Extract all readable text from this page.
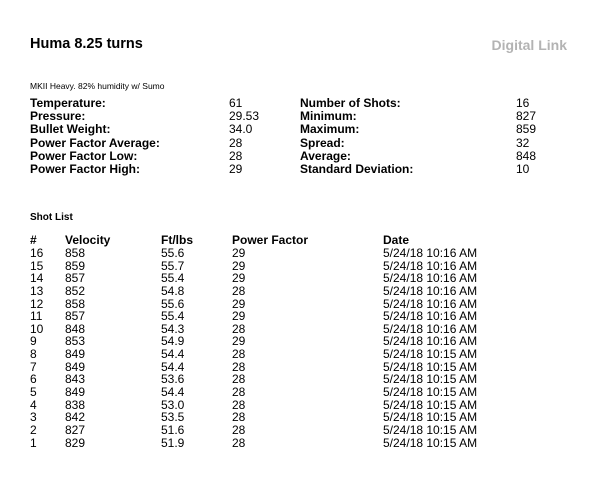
Huma 8.25 turns	Digital Link
MKII Heavy. 82% humidity w/ Sumo
Temperature:	61	Number of Shots:	16
Pressure:	29.53	Minimum:	827
Bullet Weight:	34.0	Maximum:	859
Power Factor Average:	28	Spread:	32
Power Factor Low:	28	Average:	848
Power Factor High:	29	Standard Deviation:	10
Shot List
# Velocity	Ft/lbs	Power Factor	Date
16 858	55.6	29	5/24/18 10:16 AM
15 859	55.7	29	5/24/18 10:16 AM
14 857	55.4	29	5/24/18 10:16 AM
13 852	54.8	28	5/24/18 10:16 AM
12 858	55.6	29	5/24/18 10:16 AM
11 857	55.4	29	5/24/18 10:16 AM
10 848	54.3	28	5/24/18 10:16 AM
9 853	54.9	29	5/24/18 10:16 AM
8 849	54.4	28	5/24/18 10:15 AM
7 849	54.4	28	5/24/18 10:15 AM
6 843	53.6	28	5/24/18 10:15 AM
5 849	54.4	28	5/24/18 10:15 AM
4 838	53.0	28	5/24/18 10:15 AM
3 842	53.5	28	5/24/18 10:15 AM
2 827	51.6	28	5/24/18 10:15 AM
1 829	51.9	28	5/24/18 10:15 AM
